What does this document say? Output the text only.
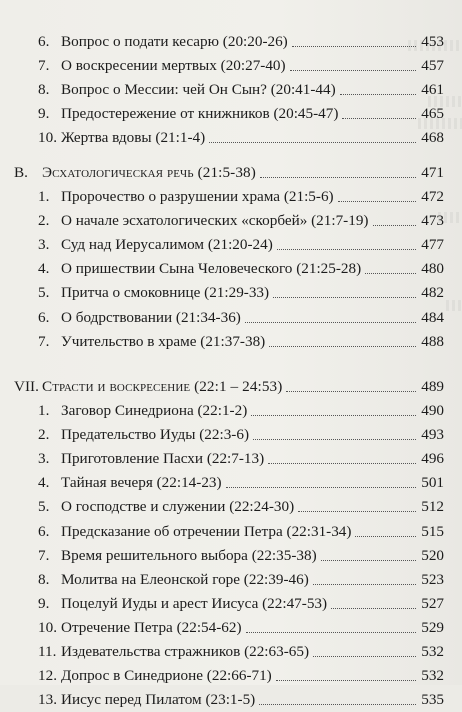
6. Вопрос о подати кесарю (20:20-26)	453
7. О воскресении мертвых (20:27-40)	457
8. Вопрос о Мессии: чей Он Сын? (20:41-44)	461
9. Предостережение от книжников (20:45-47)	465
10. Жертва вдовы (21:1-4)	468
В. Эсхатологическая речь (21:5-38)	471
1. Пророчество о разрушении храма (21:5-6)	472
2. О начале эсхатологических «скорбей» (21:7-19)	473
3. Суд над Иерусалимом (21:20-24)	477
4. О пришествии Сына Человеческого (21:25-28)	480
5. Притча о смоковнице (21:29-33)	482
6. О бодрствовании (21:34-36)	484
7. Учительство в храме (21:37-38)	488
VII. Страсти и воскресение (22:1 – 24:53)	489
1. Заговор Синедриона (22:1-2)	490
2. Предательство Иуды (22:3-6)	493
3. Приготовление Пасхи (22:7-13)	496
4. Тайная вечеря (22:14-23)	501
5. О господстве и служении (22:24-30)	512
6. Предсказание об отречении Петра (22:31-34)	515
7. Время решительного выбора (22:35-38)	520
8. Молитва на Елеонской горе (22:39-46)	523
9. Поцелуй Иуды и арест Иисуса (22:47-53)	527
10. Отречение Петра (22:54-62)	529
11. Издевательства стражников (22:63-65)	532
12. Допрос в Синедрионе (22:66-71)	532
13. Иисус перед Пилатом (23:1-5)	535
